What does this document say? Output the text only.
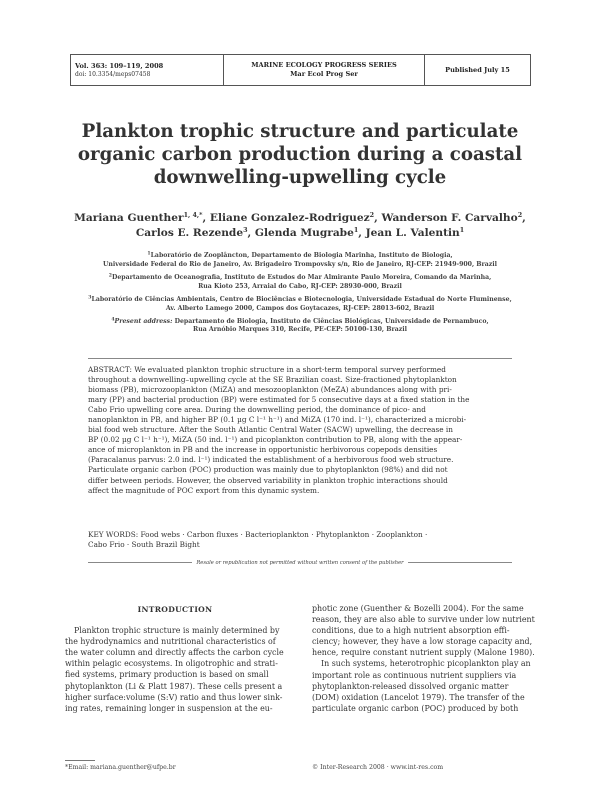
Vol. 363: 109–119, 2008
doi: 10.3354/meps07458
MARINE ECOLOGY PROGRESS SERIES
Mar Ecol Prog Ser
Published July 15
Plankton trophic structure and particulate
organic carbon production during a coastal
downwelling-upwelling cycle
Mariana Guenther$^{1, 4,*}$, Eliane Gonzalez-Rodriguez$^2$, Wanderson F. Carvalho$^2$,
Carlos E. Rezende$^3$, Glenda Mugrabe$^1$, Jean L. Valentin$^1$
$^1$Laboratório de Zooplâncton, Departamento de Biologia Marinha, Instituto de Biologia,
Universidade Federal do Rio de Janeiro, Av. Brigadeiro Trompovsky s/n, Rio de Janeiro, RJ-CEP: 21949-900, Brazil
$^2$Departamento de Oceanografia, Instituto de Estudos do Mar Almirante Paulo Moreira, Comando da Marinha,
Rua Kioto 253, Arraial do Cabo, RJ-CEP: 28930-000, Brazil
$^3$Laboratório de Ciências Ambientais, Centro de Biociências e Biotecnologia, Universidade Estadual do Norte Fluminense,
Av. Alberto Lamego 2000, Campos dos Goytacazes, RJ-CEP: 28013-602, Brazil
$^4$Present address: Departamento de Biologia, Instituto de Ciências Biológicas, Universidade de Pernambuco,
Rua Arnóbio Marques 310, Recife, PE-CEP: 50100-130, Brazil
ABSTRACT: We evaluated plankton trophic structure in a short-term temporal survey performed
throughout a downwelling–upwelling cycle at the SE Brazilian coast. Size-fractioned phytoplankton
biomass (PB), microzooplankton (MiZA) and mesozooplankton (MeZA) abundances along with pri-
mary (PP) and bacterial production (BP) were estimated for 5 consecutive days at a fixed station in the
Cabo Frio upwelling core area. During the downwelling period, the dominance of pico- and
nanoplankton in PB, and higher BP (0.1 µg C l⁻¹ h⁻¹) and MiZA (170 ind. l⁻¹), characterized a microbi-
bial food web structure. After the South Atlantic Central Water (SACW) upwelling, the decrease in
BP (0.02 µg C l⁻¹ h⁻¹), MiZA (50 ind. l⁻¹) and picoplankton contribution to PB, along with the appear-
ance of microplankton in PB and the increase in opportunistic herbivorous copepods densities
(Paracalanus parvus: 2.0 ind. l⁻¹) indicated the establishment of a herbivorous food web structure.
Particulate organic carbon (POC) production was mainly due to phytoplankton (98%) and did not
differ between periods. However, the observed variability in plankton trophic interactions should
affect the magnitude of POC export from this dynamic system.
KEY WORDS: Food webs · Carbon fluxes · Bacterioplankton · Phytoplankton · Zooplankton ·
Cabo Frio · South Brazil Bight
Resale or republication not permitted without written consent of the publisher
INTRODUCTION
Plankton trophic structure is mainly determined by
the hydrodynamics and nutritional characteristics of
the water column and directly affects the carbon cycle
within pelagic ecosystems. In oligotrophic and strati-
fied systems, primary production is based on small
phytoplankton (Li & Platt 1987). These cells present a
higher surface:volume (S:V) ratio and thus lower sink-
ing rates, remaining longer in suspension at the eu-
photic zone (Guenther & Bozelli 2004). For the same
reason, they are also able to survive under low nutrient
conditions, due to a high nutrient absorption effi-
ciency; however, they have a low storage capacity and,
hence, require constant nutrient supply (Malone 1980).
In such systems, heterotrophic picoplankton play an
important role as continuous nutrient suppliers via
phytoplankton-released dissolved organic matter
(DOM) oxidation (Lancelot 1979). The transfer of the
particulate organic carbon (POC) produced by both
*Email: mariana.guenther@ufpe.br	© Inter-Research 2008 · www.int-res.com
